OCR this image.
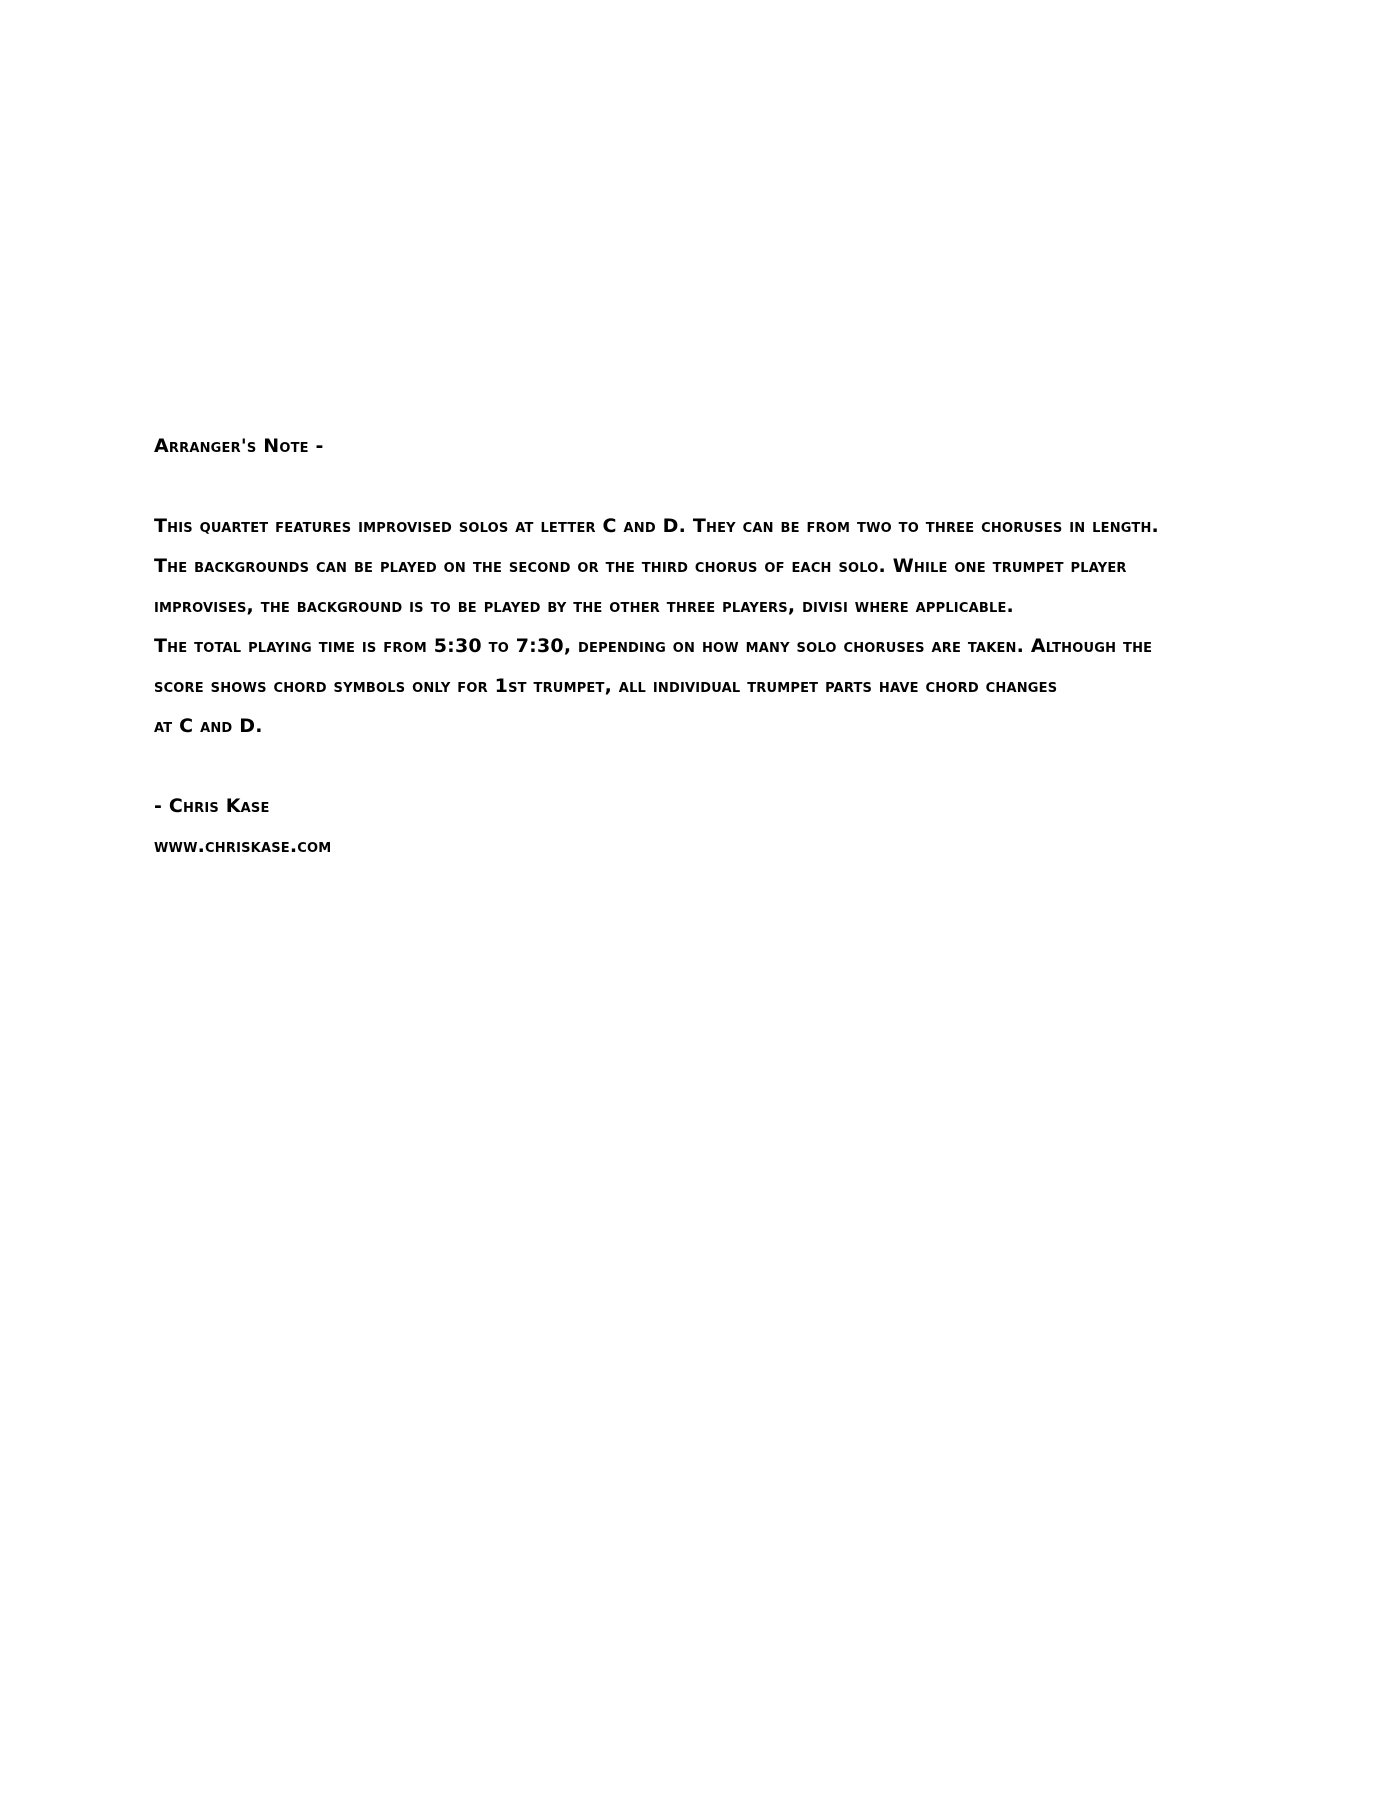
Arranger's Note -

This quartet features improvised solos at letter C and D. They can be from two to three choruses in length.

The backgrounds can be played on the second or the third chorus of each solo. While one trumpet player

improvises, the background is to be played by the other three players, divisi where applicable.

The total playing time is from 5:30 to 7:30, depending on how many solo choruses are taken. Although the

score shows chord symbols only for 1st trumpet, all individual trumpet parts have chord changes

at C and D.

- Chris Kase

www.chriskase.com
